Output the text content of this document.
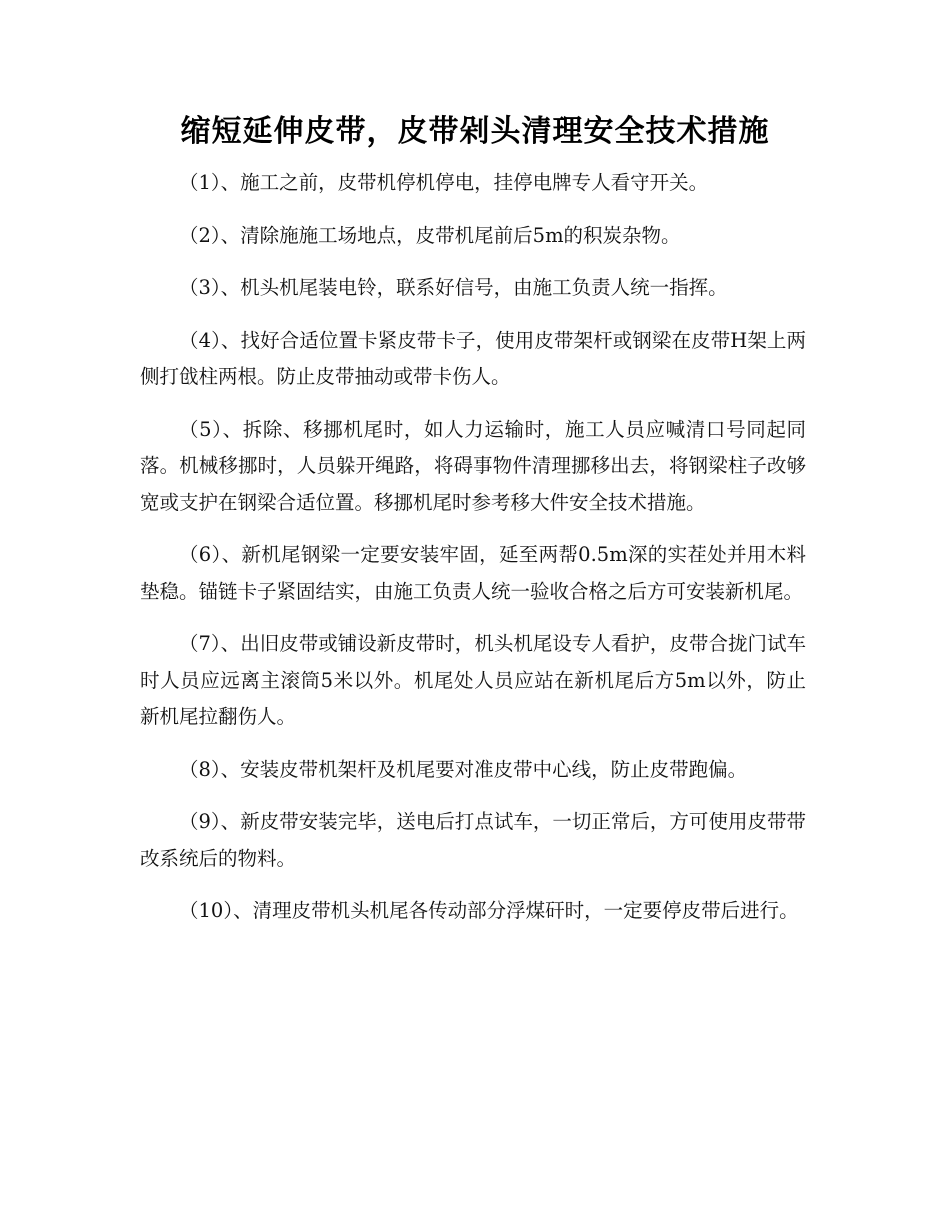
缩短延伸皮带，皮带剁头清理安全技术措施

（1）、施工之前，皮带机停机停电，挂停电牌专人看守开关。

（2）、清除施施工场地点，皮带机尾前后5m的积炭杂物。

（3）、机头机尾装电铃，联系好信号，由施工负责人统一指挥。

（4）、找好合适位置卡紧皮带卡子，使用皮带架杆或钢梁在皮带H架上两侧打戗柱两根。防止皮带抽动或带卡伤人。

（5）、拆除、移挪机尾时，如人力运输时，施工人员应喊清口号同起同落。机械移挪时，人员躲开绳路，将碍事物件清理挪移出去，将钢梁柱子改够宽或支护在钢梁合适位置。移挪机尾时参考移大件安全技术措施。

（6）、新机尾钢梁一定要安装牢固，延至两帮0.5m深的实茬处并用木料垫稳。锚链卡子紧固结实，由施工负责人统一验收合格之后方可安装新机尾。

（7）、出旧皮带或铺设新皮带时，机头机尾设专人看护，皮带合拢门试车时人员应远离主滚筒5米以外。机尾处人员应站在新机尾后方5m以外，防止新机尾拉翻伤人。

（8）、安装皮带机架杆及机尾要对准皮带中心线，防止皮带跑偏。

（9）、新皮带安装完毕，送电后打点试车，一切正常后，方可使用皮带带改系统后的物料。

（10）、清理皮带机头机尾各传动部分浮煤矸时，一定要停皮带后进行。
